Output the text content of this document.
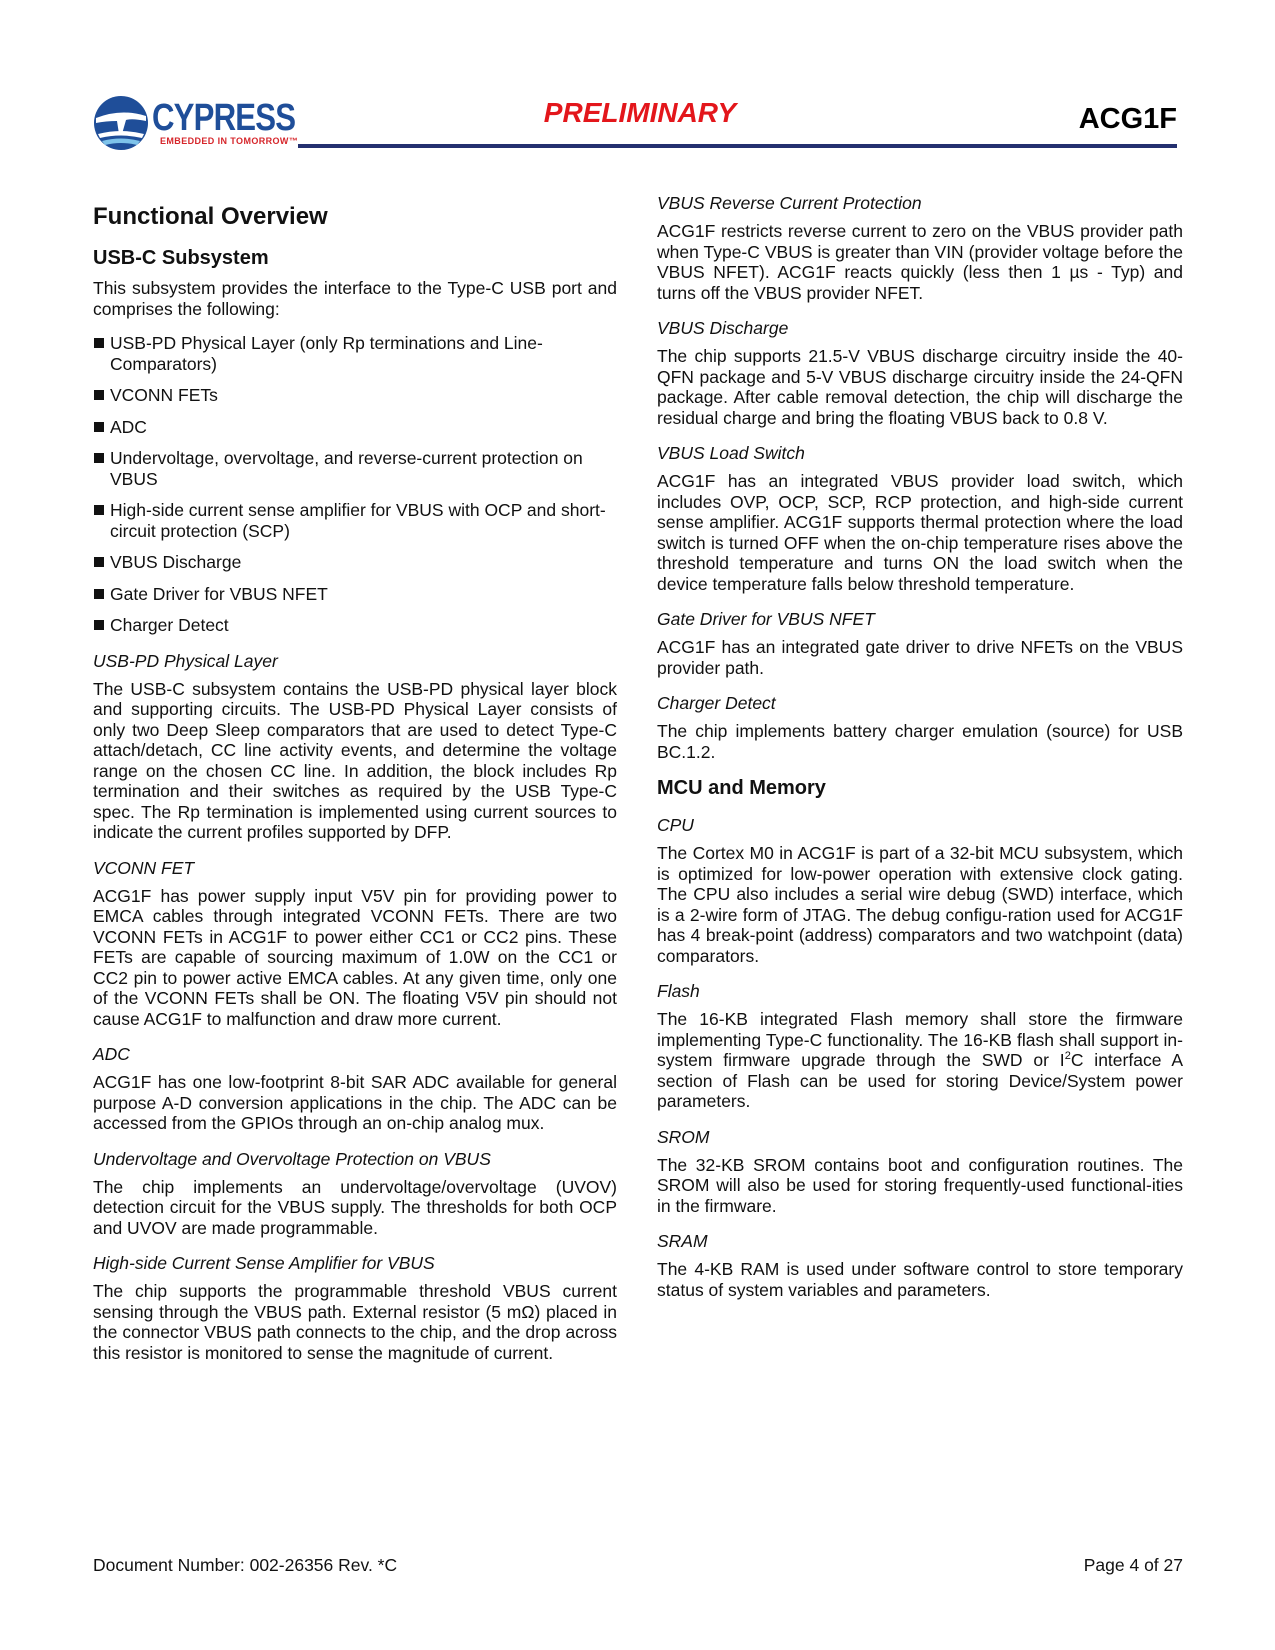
CYPRESS
EMBEDDED IN TOMORROW™
PRELIMINARY	ACG1F
Functional Overview
USB-C Subsystem

This subsystem provides the interface to the Type-C USB port and comprises the following:

USB-PD Physical Layer (only Rp terminations and Line-Comparators)
VCONN FETs
ADC
Undervoltage, overvoltage, and reverse-current protection on VBUS
High-side current sense amplifier for VBUS with OCP and short-circuit protection (SCP)
VBUS Discharge
Gate Driver for VBUS NFET
Charger Detect
USB-PD Physical Layer

The USB-C subsystem contains the USB-PD physical layer block and supporting circuits. The USB-PD Physical Layer consists of only two Deep Sleep comparators that are used to detect Type-C attach/detach, CC line activity events, and determine the voltage range on the chosen CC line. In addition, the block includes Rp termination and their switches as required by the USB Type-C spec. The Rp termination is implemented using current sources to indicate the current profiles supported by DFP.

VCONN FET

ACG1F has power supply input V5V pin for providing power to EMCA cables through integrated VCONN FETs. There are two VCONN FETs in ACG1F to power either CC1 or CC2 pins. These FETs are capable of sourcing maximum of 1.0W on the CC1 or CC2 pin to power active EMCA cables. At any given time, only one of the VCONN FETs shall be ON. The floating V5V pin should not cause ACG1F to malfunction and draw more current.

ADC

ACG1F has one low-footprint 8-bit SAR ADC available for general purpose A-D conversion applications in the chip. The ADC can be accessed from the GPIOs through an on-chip analog mux.

Undervoltage and Overvoltage Protection on VBUS

The chip implements an undervoltage/overvoltage (UVOV) detection circuit for the VBUS supply. The thresholds for both OCP and UVOV are made programmable.

High-side Current Sense Amplifier for VBUS

The chip supports the programmable threshold VBUS current sensing through the VBUS path. External resistor (5 mΩ) placed in the connector VBUS path connects to the chip, and the drop across this resistor is monitored to sense the magnitude of current.

VBUS Reverse Current Protection

ACG1F restricts reverse current to zero on the VBUS provider path when Type-C VBUS is greater than VIN (provider voltage before the VBUS NFET). ACG1F reacts quickly (less then 1 µs - Typ) and turns off the VBUS provider NFET.

VBUS Discharge

The chip supports 21.5-V VBUS discharge circuitry inside the 40-QFN package and 5-V VBUS discharge circuitry inside the 24-QFN package. After cable removal detection, the chip will discharge the residual charge and bring the floating VBUS back to 0.8 V.

VBUS Load Switch

ACG1F has an integrated VBUS provider load switch, which includes OVP, OCP, SCP, RCP protection, and high-side current sense amplifier. ACG1F supports thermal protection where the load switch is turned OFF when the on-chip temperature rises above the threshold temperature and turns ON the load switch when the device temperature falls below threshold temperature.

Gate Driver for VBUS NFET

ACG1F has an integrated gate driver to drive NFETs on the VBUS provider path.

Charger Detect

The chip implements battery charger emulation (source) for USB BC.1.2.

MCU and Memory
CPU

The Cortex M0 in ACG1F is part of a 32-bit MCU subsystem, which is optimized for low-power operation with extensive clock gating. The CPU also includes a serial wire debug (SWD) interface, which is a 2-wire form of JTAG. The debug configu-ration used for ACG1F has 4 break-point (address) comparators and two watchpoint (data) comparators.

Flash

The 16-KB integrated Flash memory shall store the firmware implementing Type-C functionality. The 16-KB flash shall support in-system firmware upgrade through the SWD or $I^2C$ interface A section of Flash can be used for storing Device/System power parameters.

SROM

The 32-KB SROM contains boot and configuration routines. The SROM will also be used for storing frequently-used functional-ities in the firmware.

SRAM

The 4-KB RAM is used under software control to store temporary status of system variables and parameters.

Document Number: 002-26356 Rev. *C	Page 4 of 27
